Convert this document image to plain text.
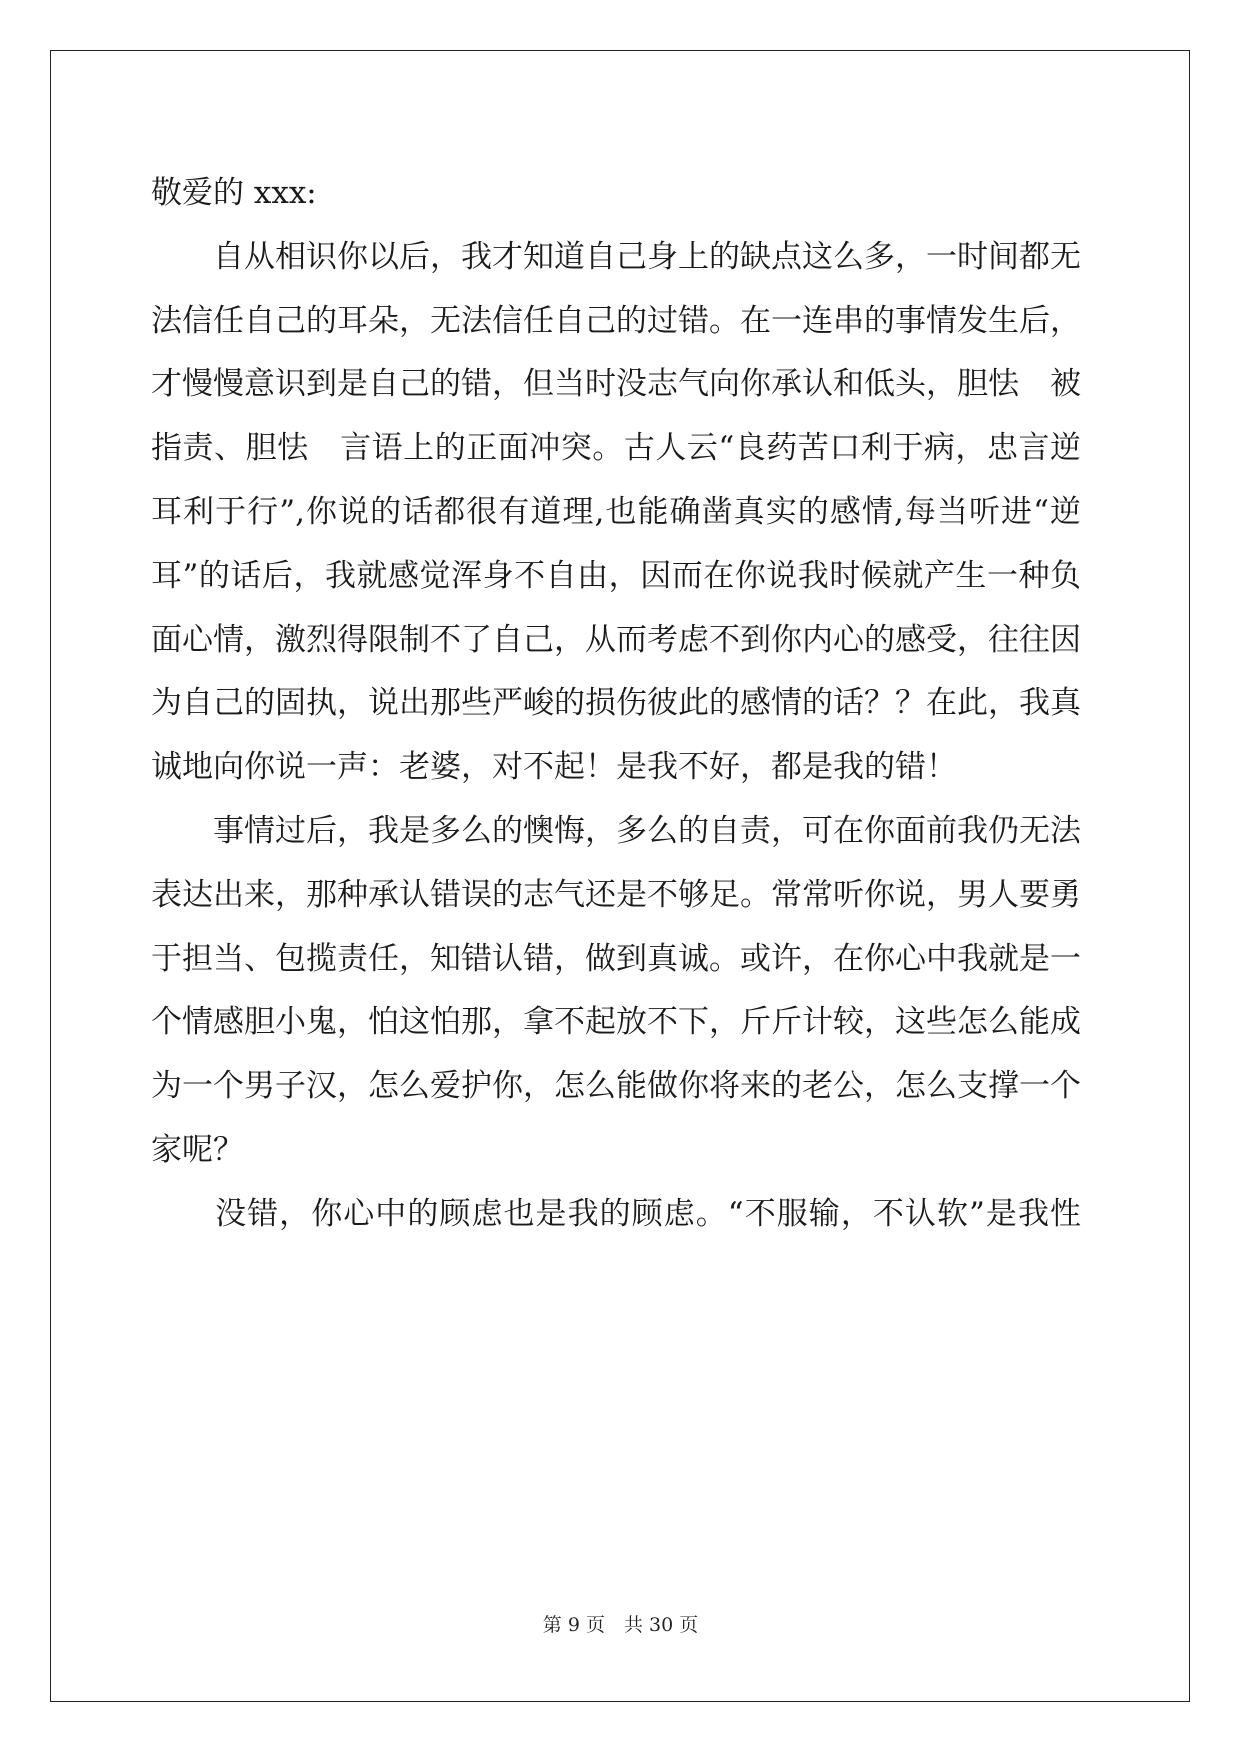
敬爱的 xxx:
　　自从相识你以后，我才知道自己身上的缺点这么多，一时间都无
法信任自己的耳朵，无法信任自己的过错。在一连串的事情发生后，
才慢慢意识到是自己的错，但当时没志气向你承认和低头，胆怯　被
指责、胆怯　言语上的正面冲突。古人云“良药苦口利于病，忠言逆
耳利于行”,你说的话都很有道理,也能确凿真实的感情,每当听进“逆
耳”的话后，我就感觉浑身不自由，因而在你说我时候就产生一种负
面心情，激烈得限制不了自己，从而考虑不到你内心的感受，往往因
为自己的固执，说出那些严峻的损伤彼此的感情的话？？在此，我真
诚地向你说一声：老婆，对不起！是我不好，都是我的错！
　　事情过后，我是多么的懊悔，多么的自责，可在你面前我仍无法
表达出来，那种承认错误的志气还是不够足。常常听你说，男人要勇
于担当、包揽责任，知错认错，做到真诚。或许，在你心中我就是一
个情感胆小鬼，怕这怕那，拿不起放不下，斤斤计较，这些怎么能成
为一个男子汉，怎么爱护你，怎么能做你将来的老公，怎么支撑一个
家呢？
　　没错，你心中的顾虑也是我的顾虑。“不服输，不认软”是我性
第 9 页　共 30 页
